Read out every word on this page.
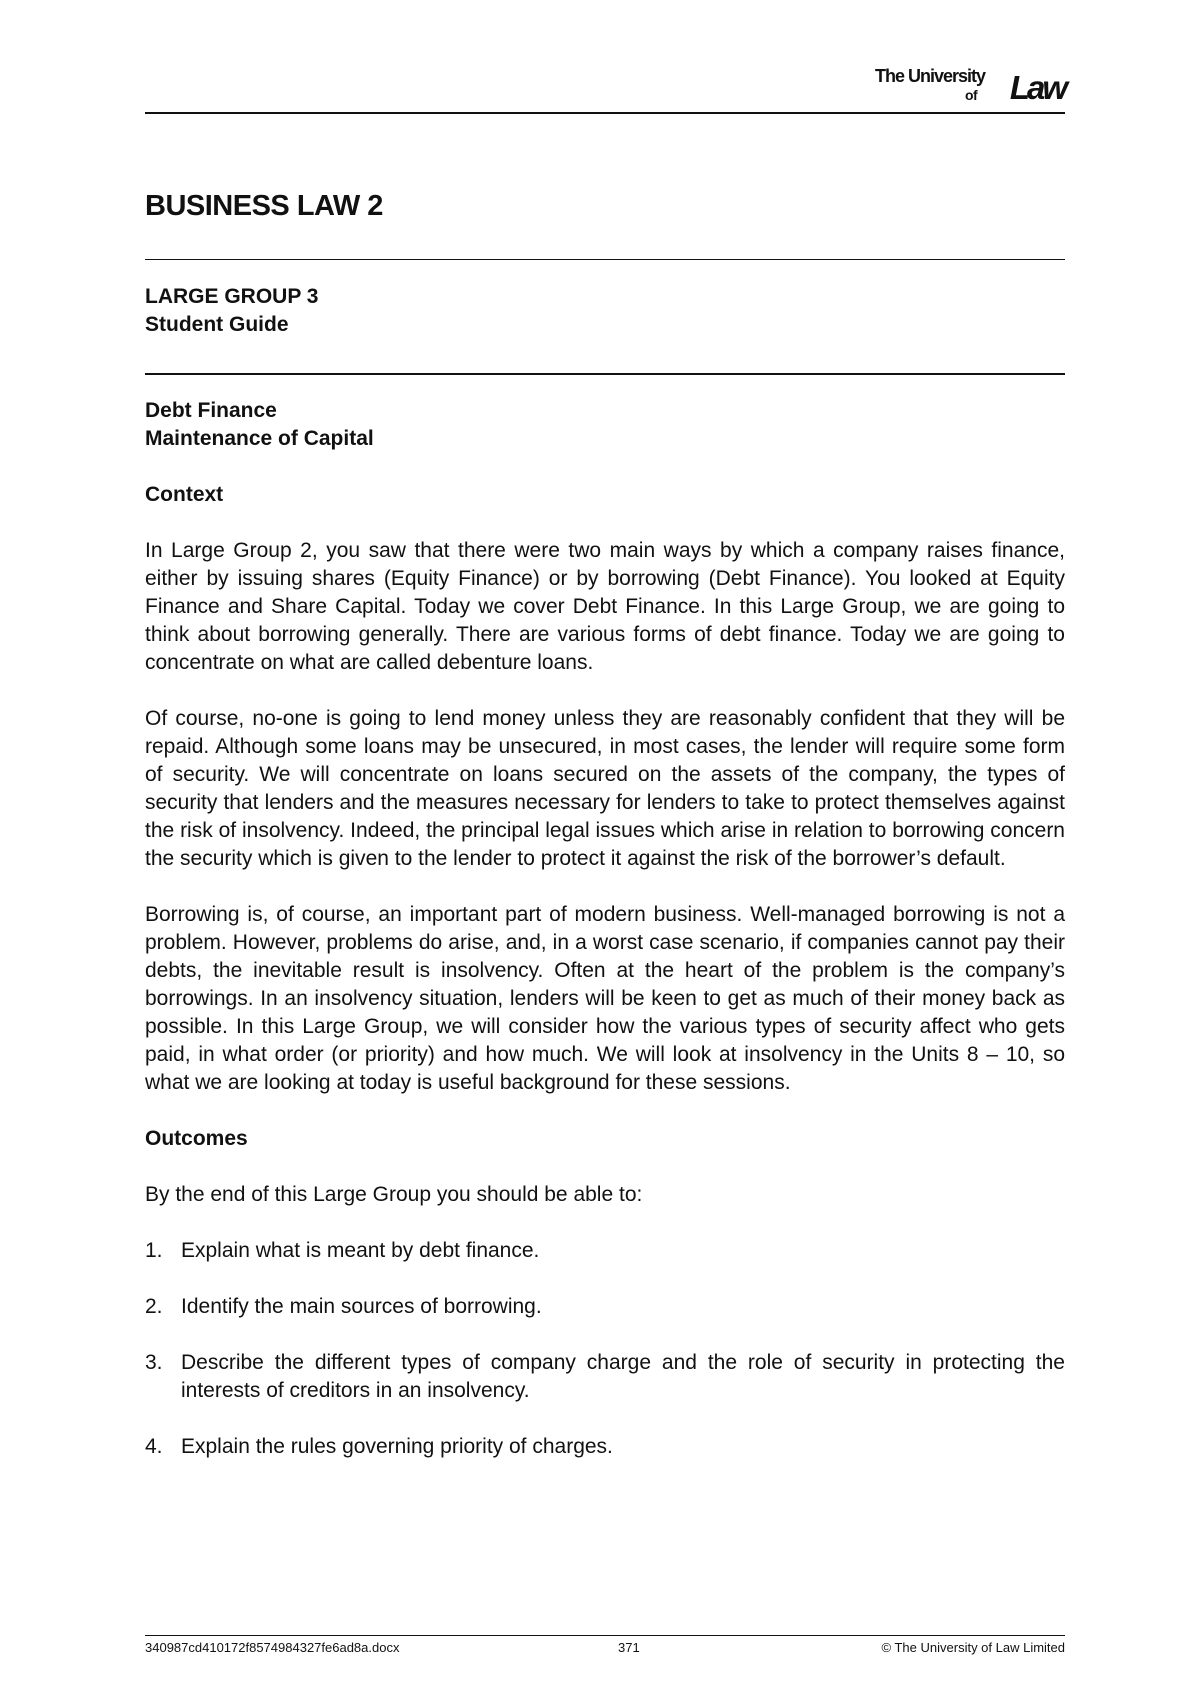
The University
of Law
BUSINESS LAW 2

LARGE GROUP 3

Student Guide

Debt Finance

Maintenance of Capital

Context

In Large Group 2, you saw that there were two main ways by which a company raises finance, either by issuing shares (Equity Finance) or by borrowing (Debt Finance). You looked at Equity Finance and Share Capital. Today we cover Debt Finance. In this Large Group, we are going to think about borrowing generally. There are various forms of debt finance. Today we are going to concentrate on what are called debenture loans.

Of course, no-one is going to lend money unless they are reasonably confident that they will be repaid. Although some loans may be unsecured, in most cases, the lender will require some form of security. We will concentrate on loans secured on the assets of the company, the types of security that lenders and the measures necessary for lenders to take to protect themselves against the risk of insolvency. Indeed, the principal legal issues which arise in relation to borrowing concern the security which is given to the lender to protect it against the risk of the borrower’s default.

Borrowing is, of course, an important part of modern business. Well-managed borrowing is not a problem. However, problems do arise, and, in a worst case scenario, if companies cannot pay their debts, the inevitable result is insolvency. Often at the heart of the problem is the company’s borrowings. In an insolvency situation, lenders will be keen to get as much of their money back as possible. In this Large Group, we will consider how the various types of security affect who gets paid, in what order (or priority) and how much. We will look at insolvency in the Units 8 – 10, so what we are looking at today is useful background for these sessions.

Outcomes

By the end of this Large Group you should be able to:

1. Explain what is meant by debt finance.
2. Identify the main sources of borrowing.
3. Describe the different types of company charge and the role of security in protecting the interests of creditors in an insolvency.
4. Explain the rules governing priority of charges.
340987cd410172f8574984327fe6ad8a.docx	371	© The University of Law Limited
